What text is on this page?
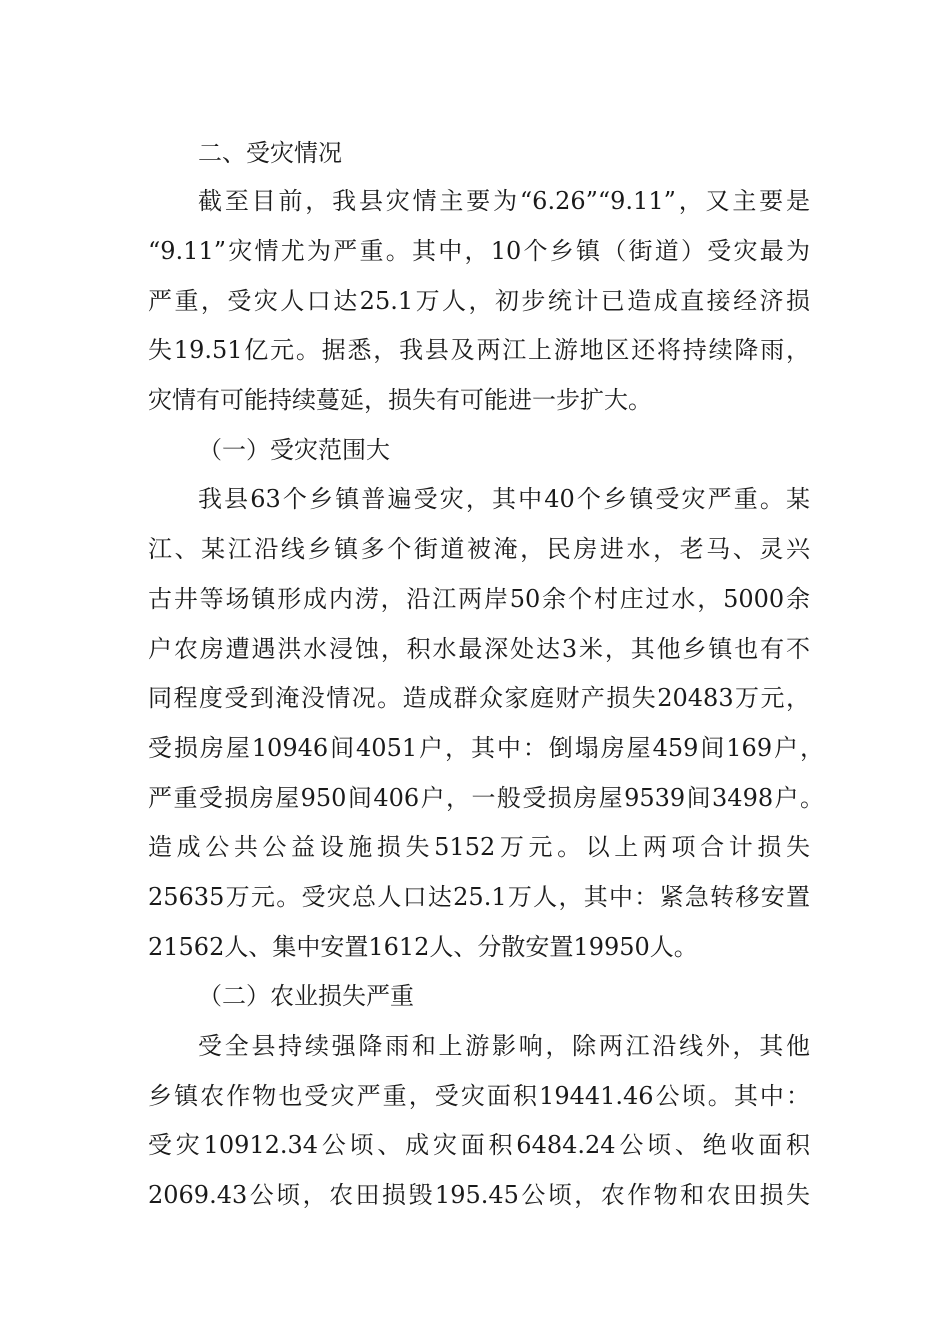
二、受灾情况
截至目前，我县灾情主要为“6.26”“9.11”，又主要是
“9.11”灾情尤为严重。其中，10个乡镇（街道）受灾最为
严重，受灾人口达25.1万人，初步统计已造成直接经济损
失19.51亿元。据悉，我县及两江上游地区还将持续降雨，
灾情有可能持续蔓延，损失有可能进一步扩大。
（一）受灾范围大
我县63个乡镇普遍受灾，其中40个乡镇受灾严重。某
江、某江沿线乡镇多个街道被淹，民房进水，老马、灵兴
古井等场镇形成内涝，沿江两岸50余个村庄过水，5000余
户农房遭遇洪水浸蚀，积水最深处达3米，其他乡镇也有不
同程度受到淹没情况。造成群众家庭财产损失20483万元，
受损房屋10946间4051户，其中：倒塌房屋459间169户，
严重受损房屋950间406户，一般受损房屋9539间3498户。
造成公共公益设施损失5152万元。以上两项合计损失
25635万元。受灾总人口达25.1万人，其中：紧急转移安置
21562人、集中安置1612人、分散安置19950人。
（二）农业损失严重
受全县持续强降雨和上游影响，除两江沿线外，其他
乡镇农作物也受灾严重，受灾面积19441.46公顷。其中：
受灾10912.34公顷、成灾面积6484.24公顷、绝收面积
2069.43公顷，农田损毁195.45公顷，农作物和农田损失
